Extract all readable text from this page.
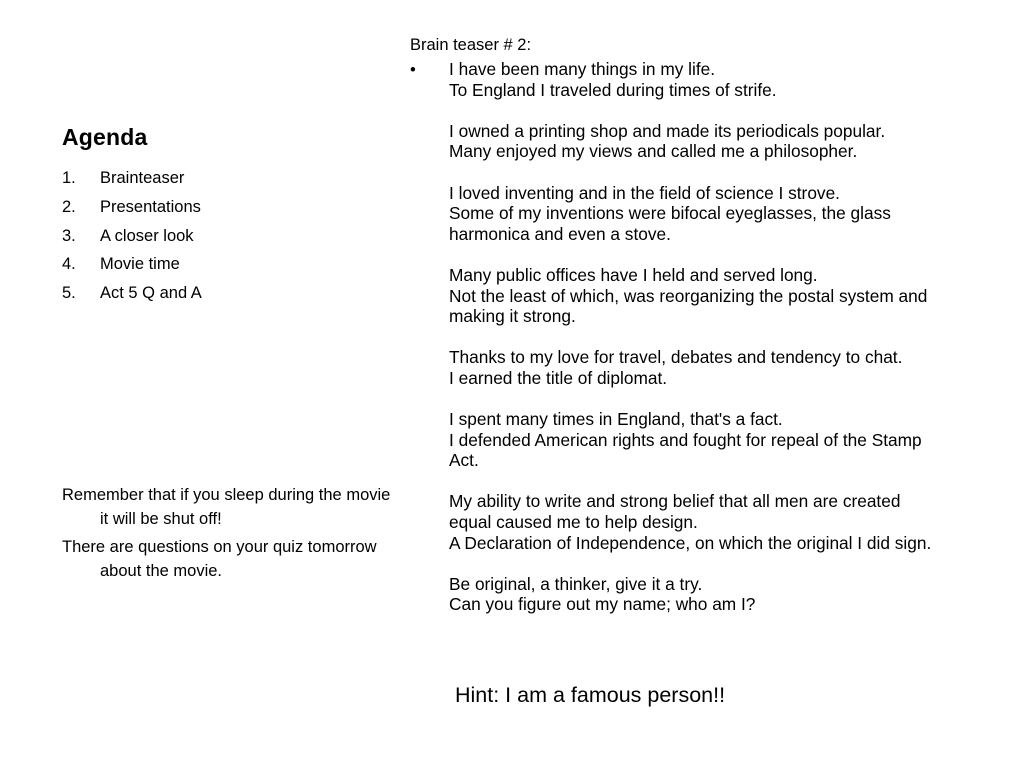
Agenda
1. Brainteaser
2. Presentations
3. A closer look
4. Movie time
5. Act 5 Q and A

Remember that if you sleep during the movie it will be shut off!

There are questions on your quiz tomorrow about the movie.

Brain teaser # 2:
• I have been many things in my life.
To England I traveled during times of strife.
I owned a printing shop and made its periodicals popular.
Many enjoyed my views and called me a philosopher.
I loved inventing and in the field of science I strove.
Some of my inventions were bifocal eyeglasses, the glass
harmonica and even a stove.
Many public offices have I held and served long.
Not the least of which, was reorganizing the postal system and
making it strong.
Thanks to my love for travel, debates and tendency to chat.
I earned the title of diplomat.
I spent many times in England, that's a fact.
I defended American rights and fought for repeal of the Stamp
Act.
My ability to write and strong belief that all men are created
equal caused me to help design.
A Declaration of Independence, on which the original I did sign.
Be original, a thinker, give it a try.
Can you figure out my name; who am I?
Hint: I am a famous person!!
